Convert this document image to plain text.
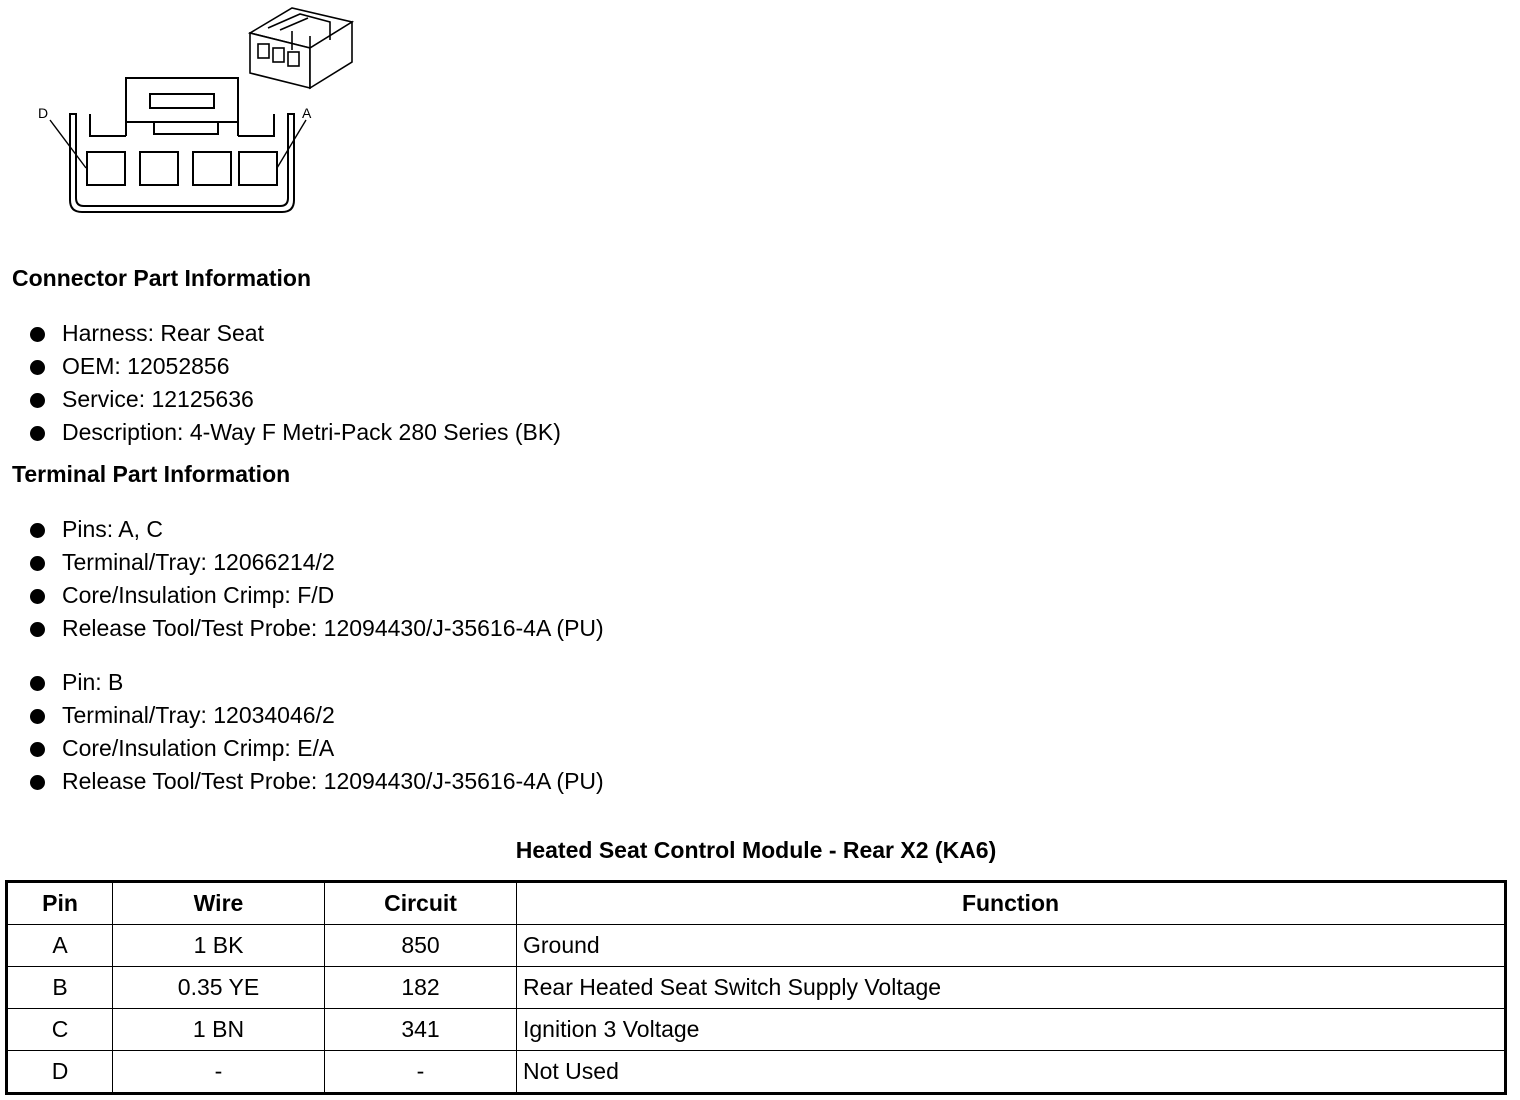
D	A
Connector Part Information
Harness: Rear Seat
OEM: 12052856
Service: 12125636
Description: 4-Way F Metri-Pack 280 Series (BK)
Terminal Part Information
Pins: A, C
Terminal/Tray: 12066214/2
Core/Insulation Crimp: F/D
Release Tool/Test Probe: 12094430/J-35616-4A (PU)
Pin: B
Terminal/Tray: 12034046/2
Core/Insulation Crimp: E/A
Release Tool/Test Probe: 12094430/J-35616-4A (PU)
Heated Seat Control Module - Rear X2 (KA6)
Pin	Wire	Circuit	Function
A	1 BK	850	Ground
B	0.35 YE	182	Rear Heated Seat Switch Supply Voltage
C	1 BN	341	Ignition 3 Voltage
D	-	-	Not Used
